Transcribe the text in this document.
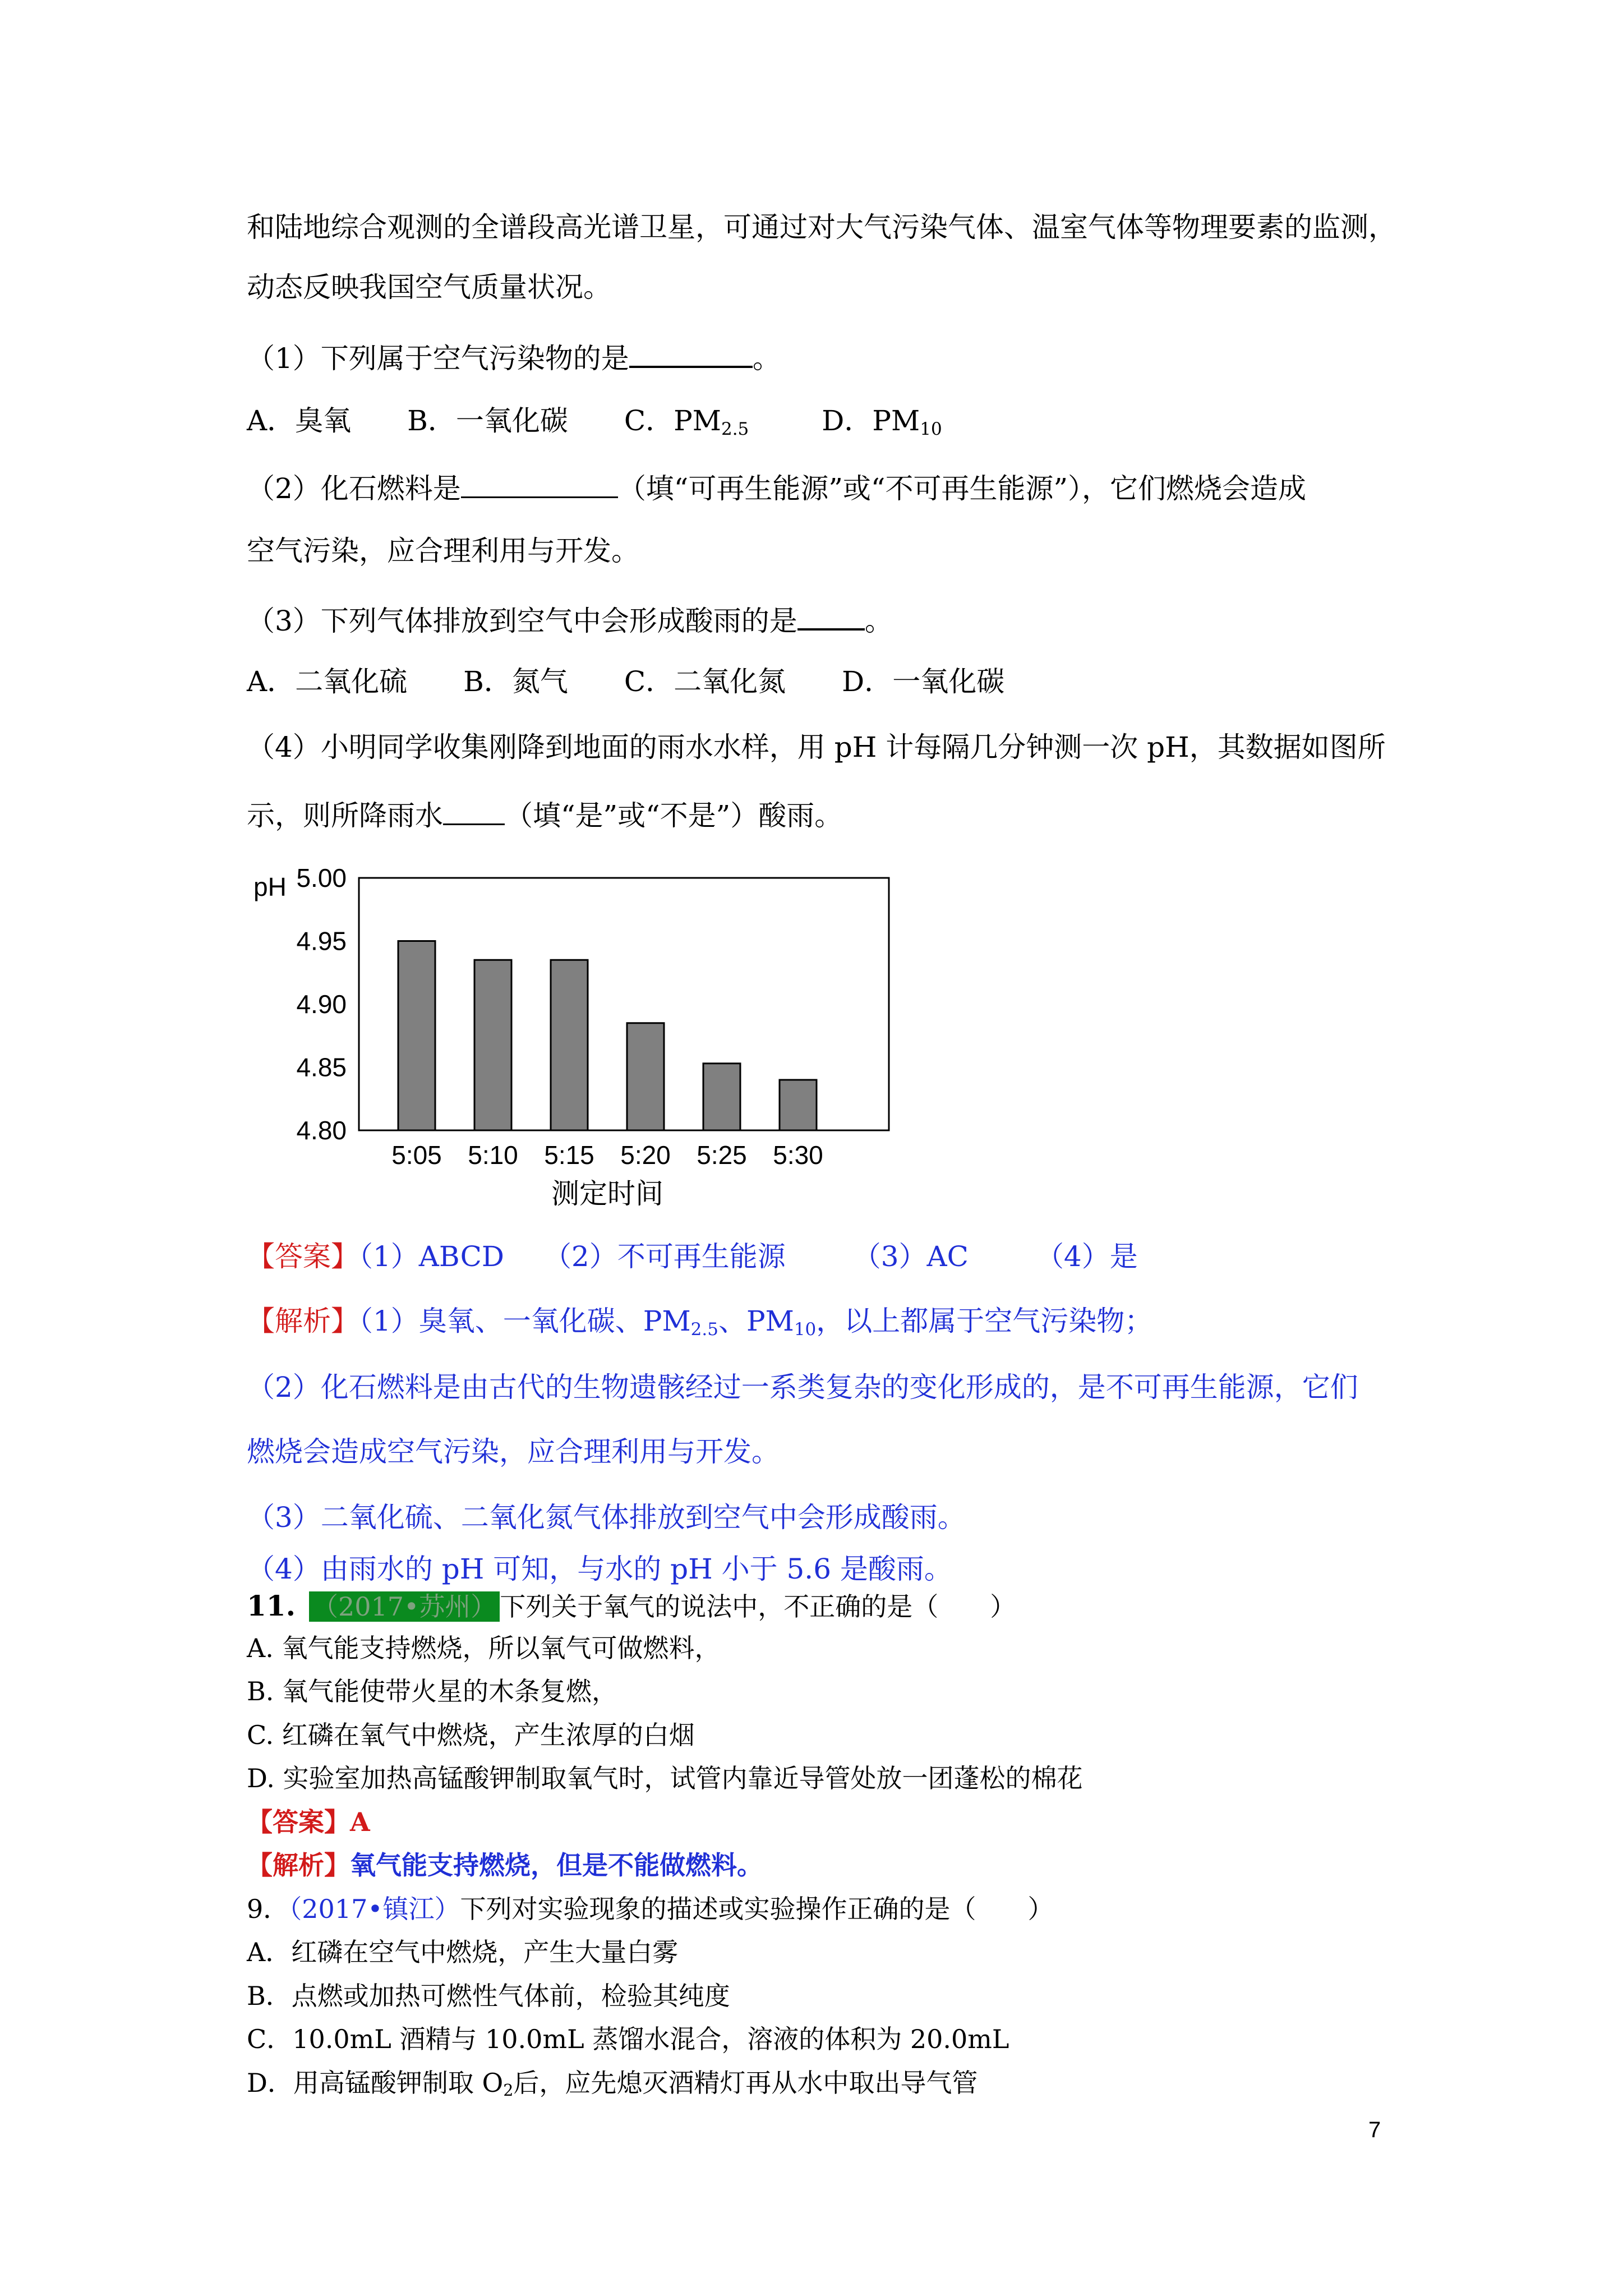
和陆地综合观测的全谱段高光谱卫星，可通过对大气污染气体、温室气体等物理要素的监测，
动态反映我国空气质量状况。
（1）下列属于空气污染物的是	。
A．臭氧 B．一氧化碳 C．$PM_{2.5}$	D．$PM_{10}$
（2）化石燃料是	（填“可再生能源”或“不可再生能源”），它们燃烧会造成
空气污染，应合理利用与开发。
（3）下列气体排放到空气中会形成酸雨的是 。
A．二氧化硫 B．氮气 C．二氧化氮 D．一氧化碳
（4）小明同学收集刚降到地面的雨水水样，用 pH 计每隔几分钟测一次 pH，其数据如图所
示，则所降雨水 （填“是”或“不是”）酸雨。
pH 5.00
4.95
4.90
4.85
4.80
5:05 5:10 5:15 5:20 5:25 5:30
测定时间
【答案】（1）ABCD （2）不可再生能源 （3）AC （4）是
【解析】（1）臭氧、一氧化碳、$PM_{2.5}$、$PM_{10}$，以上都属于空气污染物；
（2）化石燃料是由古代的生物遗骸经过一系类复杂的变化形成的，是不可再生能源，它们
燃烧会造成空气污染，应合理利用与开发。
（3）二氧化硫、二氧化氮气体排放到空气中会形成酸雨。
（4）由雨水的 pH 可知，与水的 pH 小于 5.6 是酸雨。
11. （2017•苏州） 下列关于氧气的说法中，不正确的是（　　）
A. 氧气能支持燃烧，所以氧气可做燃料，
B. 氧气能使带火星的木条复燃，
C. 红磷在氧气中燃烧，产生浓厚的白烟
D. 实验室加热高锰酸钾制取氧气时，试管内靠近导管处放一团蓬松的棉花
【答案】A
【解析】氧气能支持燃烧，但是不能做燃料。
9．（2017•镇江）下列对实验现象的描述或实验操作正确的是（　　）
A．红磷在空气中燃烧，产生大量白雾
B．点燃或加热可燃性气体前，检验其纯度
C．10.0mL 酒精与 10.0mL 蒸馏水混合，溶液的体积为 20.0mL
D．用高锰酸钾制取 $O_2$后，应先熄灭酒精灯再从水中取出导气管
7
